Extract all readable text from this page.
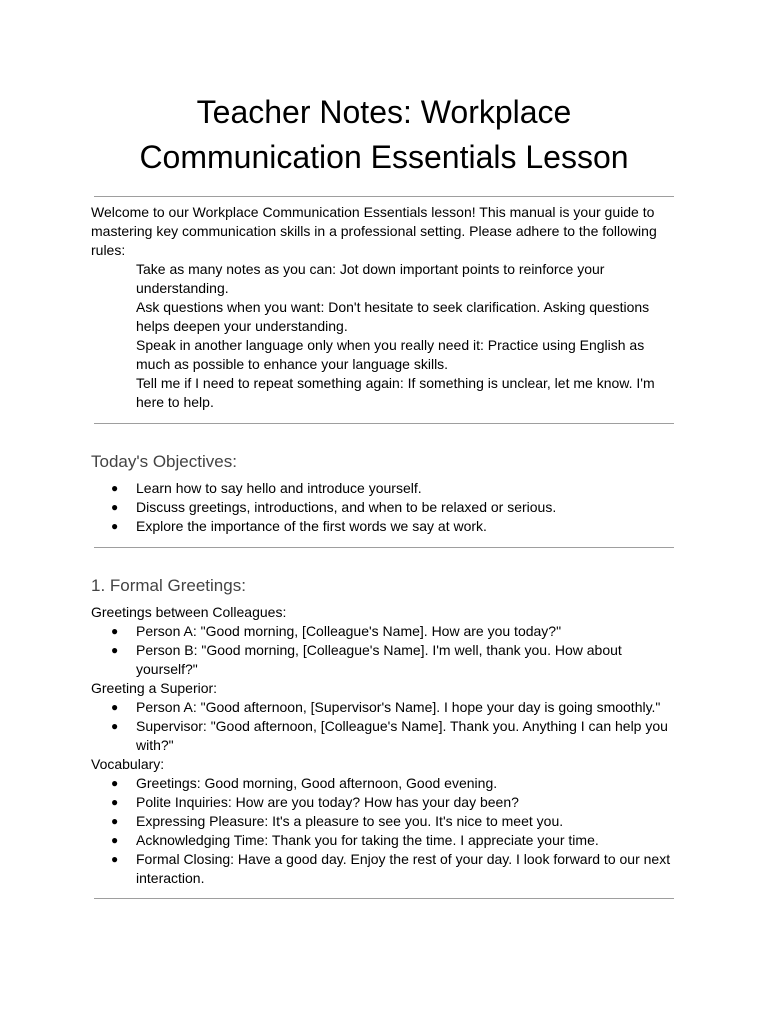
Teacher Notes: Workplace
Communication Essentials Lesson

Welcome to our Workplace Communication Essentials lesson! This manual is your guide to mastering key communication skills in a professional setting. Please adhere to the following rules:

Take as many notes as you can: Jot down important points to reinforce your understanding.
Ask questions when you want: Don't hesitate to seek clarification. Asking questions helps deepen your understanding.
Speak in another language only when you really need it: Practice using English as much as possible to enhance your language skills.
Tell me if I need to repeat something again: If something is unclear, let me know. I'm here to help.
Today's Objectives:
● Learn how to say hello and introduce yourself.
● Discuss greetings, introductions, and when to be relaxed or serious.
● Explore the importance of the first words we say at work.
1. Formal Greetings:

Greetings between Colleagues:

● Person A: "Good morning, [Colleague's Name]. How are you today?"
● Person B: "Good morning, [Colleague's Name]. I'm well, thank you. How about yourself?"

Greeting a Superior:

● Person A: "Good afternoon, [Supervisor's Name]. I hope your day is going smoothly."
● Supervisor: "Good afternoon, [Colleague's Name]. Thank you. Anything I can help you with?"

Vocabulary:

● Greetings: Good morning, Good afternoon, Good evening.
● Polite Inquiries: How are you today? How has your day been?
● Expressing Pleasure: It's a pleasure to see you. It's nice to meet you.
● Acknowledging Time: Thank you for taking the time. I appreciate your time.
● Formal Closing: Have a good day. Enjoy the rest of your day. I look forward to our next interaction.
